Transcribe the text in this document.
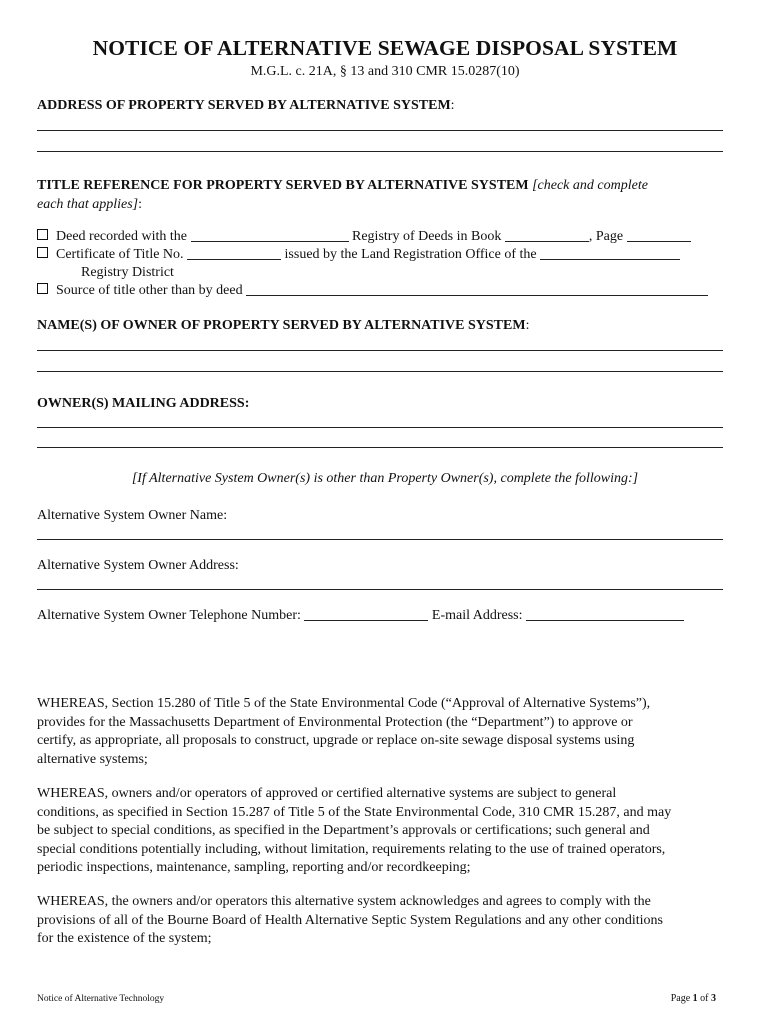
NOTICE OF ALTERNATIVE SEWAGE DISPOSAL SYSTEM
M.G.L. c. 21A, § 13 and 310 CMR 15.0287(10)
ADDRESS OF PROPERTY SERVED BY ALTERNATIVE SYSTEM:
TITLE REFERENCE FOR PROPERTY SERVED BY ALTERNATIVE SYSTEM [check and complete
each that applies]:
Deed recorded with the	Registry of Deeds in Book	, Page
Certificate of Title No.	issued by the Land Registration Office of the
Registry District
Source of title other than by deed
NAME(S) OF OWNER OF PROPERTY SERVED BY ALTERNATIVE SYSTEM:
OWNER(S) MAILING ADDRESS:
[If Alternative System Owner(s) is other than Property Owner(s), complete the following:]
Alternative System Owner Name:
Alternative System Owner Address:
Alternative System Owner Telephone Number:	E-mail Address:
WHEREAS, Section 15.280 of Title 5 of the State Environmental Code (“Approval of Alternative Systems”),
provides for the Massachusetts Department of Environmental Protection (the “Department”) to approve or
certify, as appropriate, all proposals to construct, upgrade or replace on-site sewage disposal systems using
alternative systems;
WHEREAS, owners and/or operators of approved or certified alternative systems are subject to general
conditions, as specified in Section 15.287 of Title 5 of the State Environmental Code, 310 CMR 15.287, and may
be subject to special conditions, as specified in the Department’s approvals or certifications; such general and
special conditions potentially including, without limitation, requirements relating to the use of trained operators,
periodic inspections, maintenance, sampling, reporting and/or recordkeeping;
WHEREAS, the owners and/or operators this alternative system acknowledges and agrees to comply with the
provisions of all of the Bourne Board of Health Alternative Septic System Regulations and any other conditions
for the existence of the system;
Notice of Alternative Technology	Page 1 of 3
